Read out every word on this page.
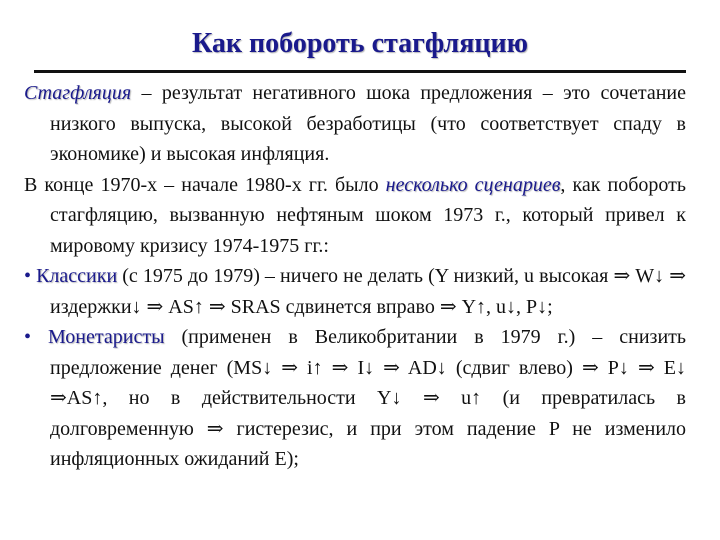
Как побороть стагфляцию

Стагфляция – результат негативного шока предложения – это сочетание низкого выпуска, высокой безработицы (что соответствует спаду в экономике) и высокая инфляция.

В конце 1970-х – начале 1980-х гг. было несколько сценариев, как побороть стагфляцию, вызванную нефтяным шоком 1973 г., который привел к мировому кризису 1974-1975 гг.:

• Классики (с 1975 до 1979) – ничего не делать (Y низкий, u высокая ⇒ W↓ ⇒ издержки↓ ⇒ AS↑ ⇒ SRAS сдвинется вправо ⇒ Y↑, u↓, P↓;

• Монетаристы (применен в Великобритании в 1979 г.) – снизить предложение денег (MS↓ ⇒ i↑ ⇒ I↓ ⇒ AD↓ (сдвиг влево) ⇒ P↓ ⇒ E↓ ⇒AS↑, но в действительности Y↓ ⇒ u↑ (и превратилась в долговременную ⇒ гистерезис, и при этом падение P не изменило инфляционных ожиданий E);
